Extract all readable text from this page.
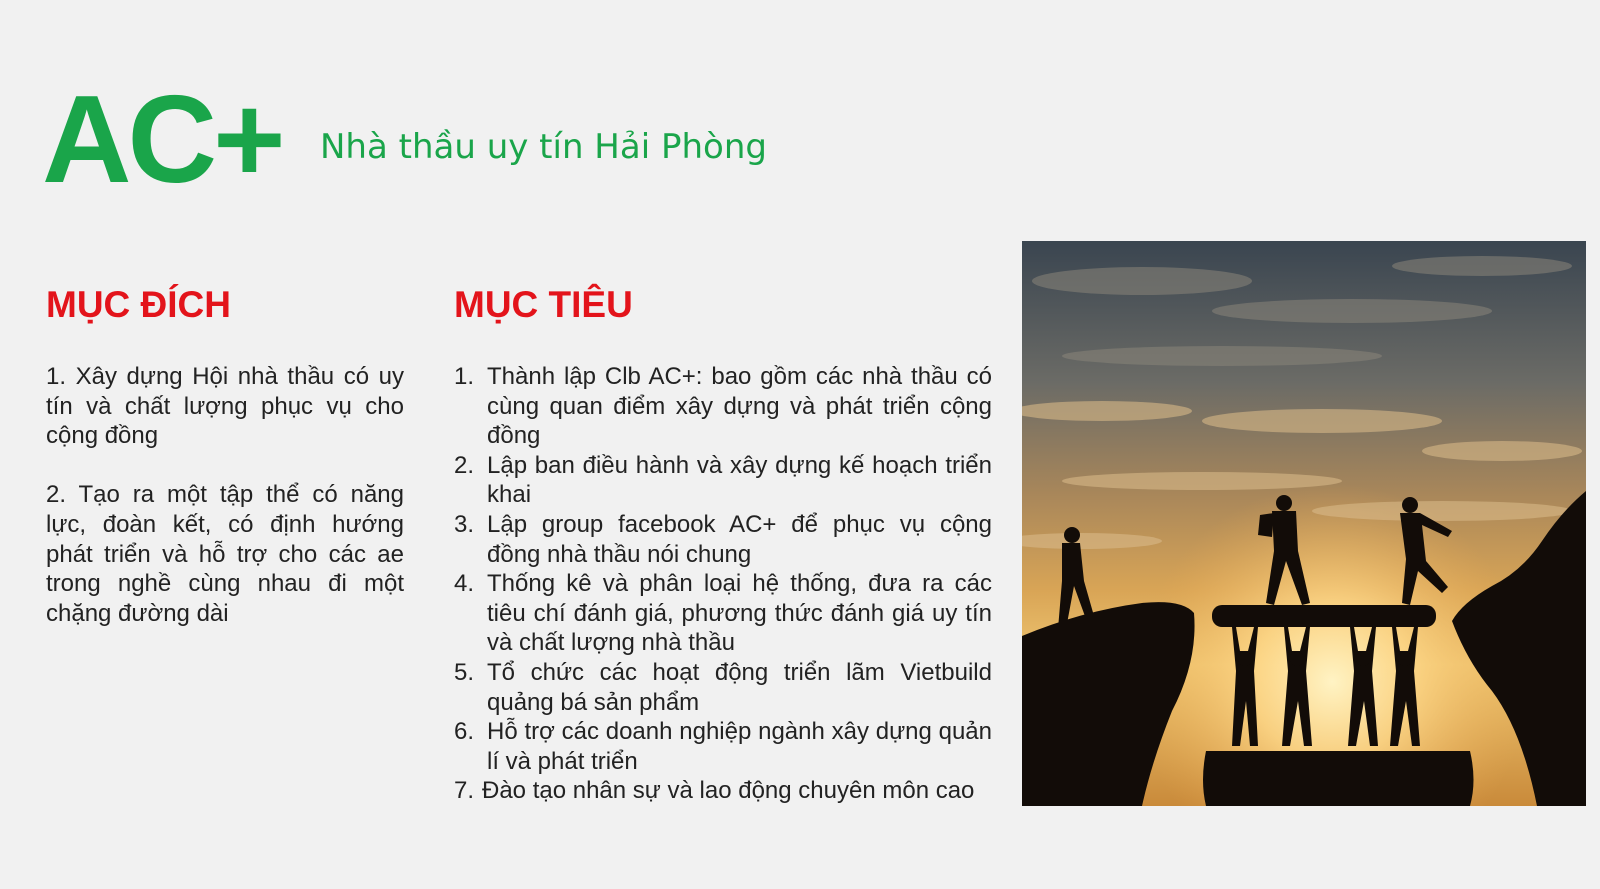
AC+ Nhà thầu uy tín Hải Phòng
MỤC ĐÍCH	MỤC TIÊU

1. Xây dựng Hội nhà thầu có uy tín và chất lượng phục vụ cho cộng đồng

2. Tạo ra một tập thể có năng lực, đoàn kết, có định hướng phát triển và hỗ trợ cho các ae trong nghề cùng nhau đi một chặng đường dài

1. Thành lập Clb AC+: bao gồm các nhà thầu có cùng quan điểm xây dựng và phát triển cộng đồng
2. Lập ban điều hành và xây dựng kế hoạch triển khai
3. Lập group facebook AC+ để phục vụ cộng đồng nhà thầu nói chung
4. Thống kê và phân loại hệ thống, đưa ra các tiêu chí đánh giá, phương thức đánh giá uy tín và chất lượng nhà thầu
5. Tổ chức các hoạt động triển lãm Vietbuild quảng bá sản phẩm
6. Hỗ trợ các doanh nghiệp ngành xây dựng quản lí và phát triển
7. Đào tạo nhân sự và lao động chuyên môn cao
